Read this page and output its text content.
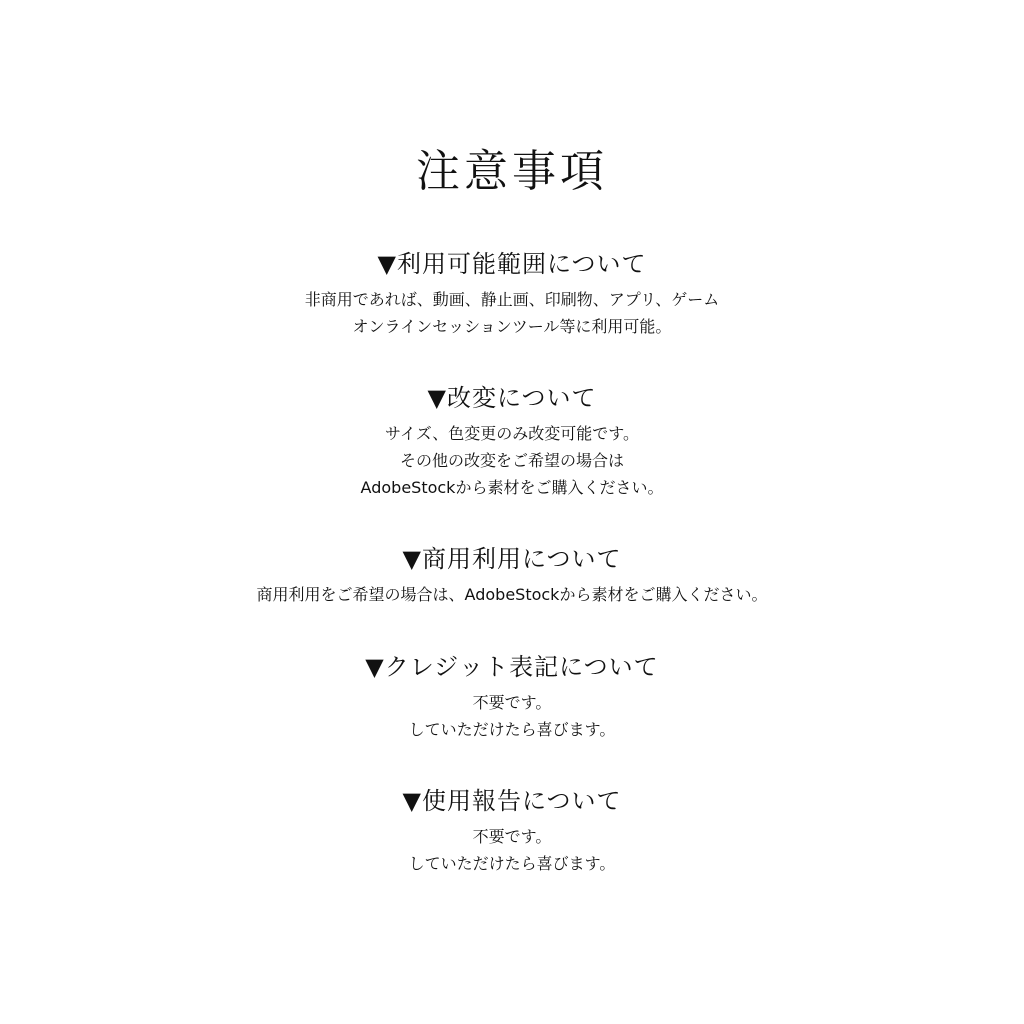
注意事項
▼利用可能範囲について

非商用であれば、動画、静止画、印刷物、アプリ、ゲーム

オンラインセッションツール等に利用可能。

▼改変について

サイズ、色変更のみ改変可能です。

その他の改変をご希望の場合は

AdobeStockから素材をご購入ください。

▼商用利用について

商用利用をご希望の場合は、AdobeStockから素材をご購入ください。

▼クレジット表記について

不要です。

していただけたら喜びます。

▼使用報告について

不要です。

していただけたら喜びます。
